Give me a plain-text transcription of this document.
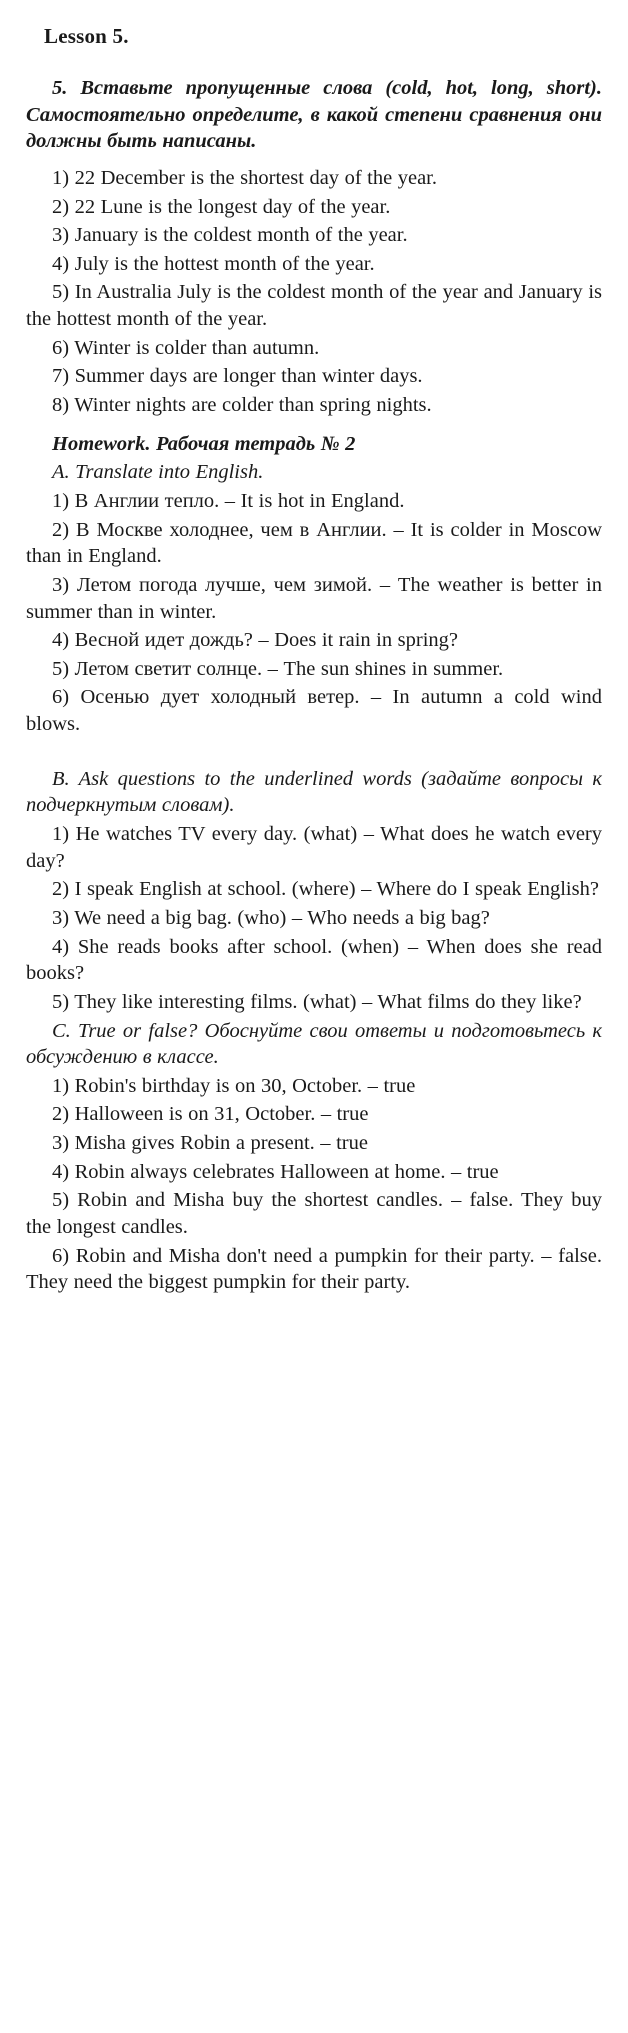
Lesson 5.

5. Вставьте пропущенные слова (cold, hot, long, short). Самостоятельно определите, в какой степени сравнения они должны быть написаны.

1) 22 December is the shortest day of the year.

2) 22 Lune is the longest day of the year.

3) January is the coldest month of the year.

4) July is the hottest month of the year.

5) In Australia July is the coldest month of the year and January is the hottest month of the year.

6) Winter is colder than autumn.

7) Summer days are longer than winter days.

8) Winter nights are colder than spring nights.

Homework. Рабочая тетрадь № 2

A. Translate into English.

1) В Англии тепло. – It is hot in England.

2) В Москве холоднее, чем в Англии. – It is colder in Moscow than in England.

3) Летом погода лучше, чем зимой. – The weather is better in summer than in winter.

4) Весной идет дождь? – Does it rain in spring?

5) Летом светит солнце. – The sun shines in summer.

6) Осенью дует холодный ветер. – In autumn a cold wind blows.

B. Ask questions to the underlined words (задайте вопросы к подчеркнутым словам).

1) He watches TV every day. (what) – What does he watch every day?

2) I speak English at school. (where) – Where do I speak English?

3) We need a big bag. (who) – Who needs a big bag?

4) She reads books after school. (when) – When does she read books?

5) They like interesting films. (what) – What films do they like?

C. True or false? Обоснуйте свои ответы и подготовьтесь к обсуждению в классе.

1) Robin's birthday is on 30, October. – true

2) Halloween is on 31, October. – true

3) Misha gives Robin a present. – true

4) Robin always celebrates Halloween at home. – true

5) Robin and Misha buy the shortest candles. – false. They buy the longest candles.

6) Robin and Misha don't need a pumpkin for their party. – false. They need the biggest pumpkin for their party.
